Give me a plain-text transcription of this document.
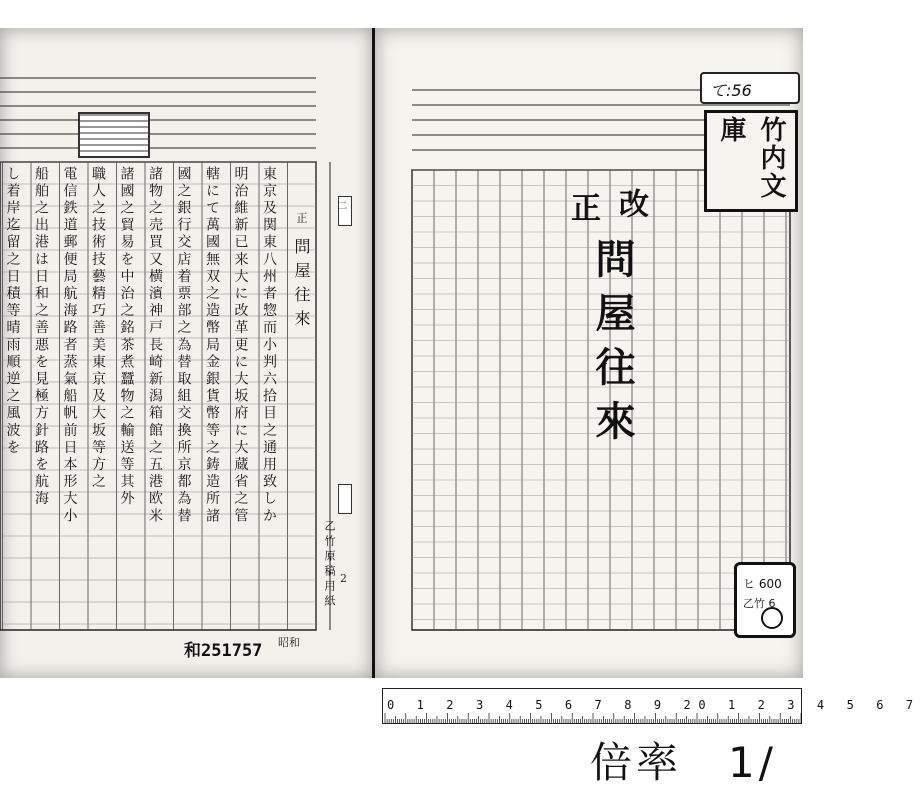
東京及関東八州者惣而小判六拾目之通用致しか
明治維新已来大に改革更に大坂府に大蔵省之管
轄にて萬國無双之造幣局金銀貨幣等之鋳造所諸
國之銀行交店着票部之為替取組交換所京都為替
諸物之売買又横濱神戸長崎新潟箱館之五港欧米
諸國之貿易を中治之銘茶煮蠶物之輸送等其外
職人之技術技藝精巧善美東京及大坂等方之
電信鉄道郵便局航海路者蒸氣船帆前日本形大小
船舶之出港は日和之善悪を見極方針路を航海
し着岸迄留之日積等晴雨順逆之風波を	正
問屋往來
二
乙竹原稿用紙 2
和251757 昭和
て:56
竹内文庫
改
正
問屋往來
ヒ 600
乙竹 6
0 1 2 3 4 5 6 7 8 9 20 1 2 3 4 5 6 7
倍率　1/
